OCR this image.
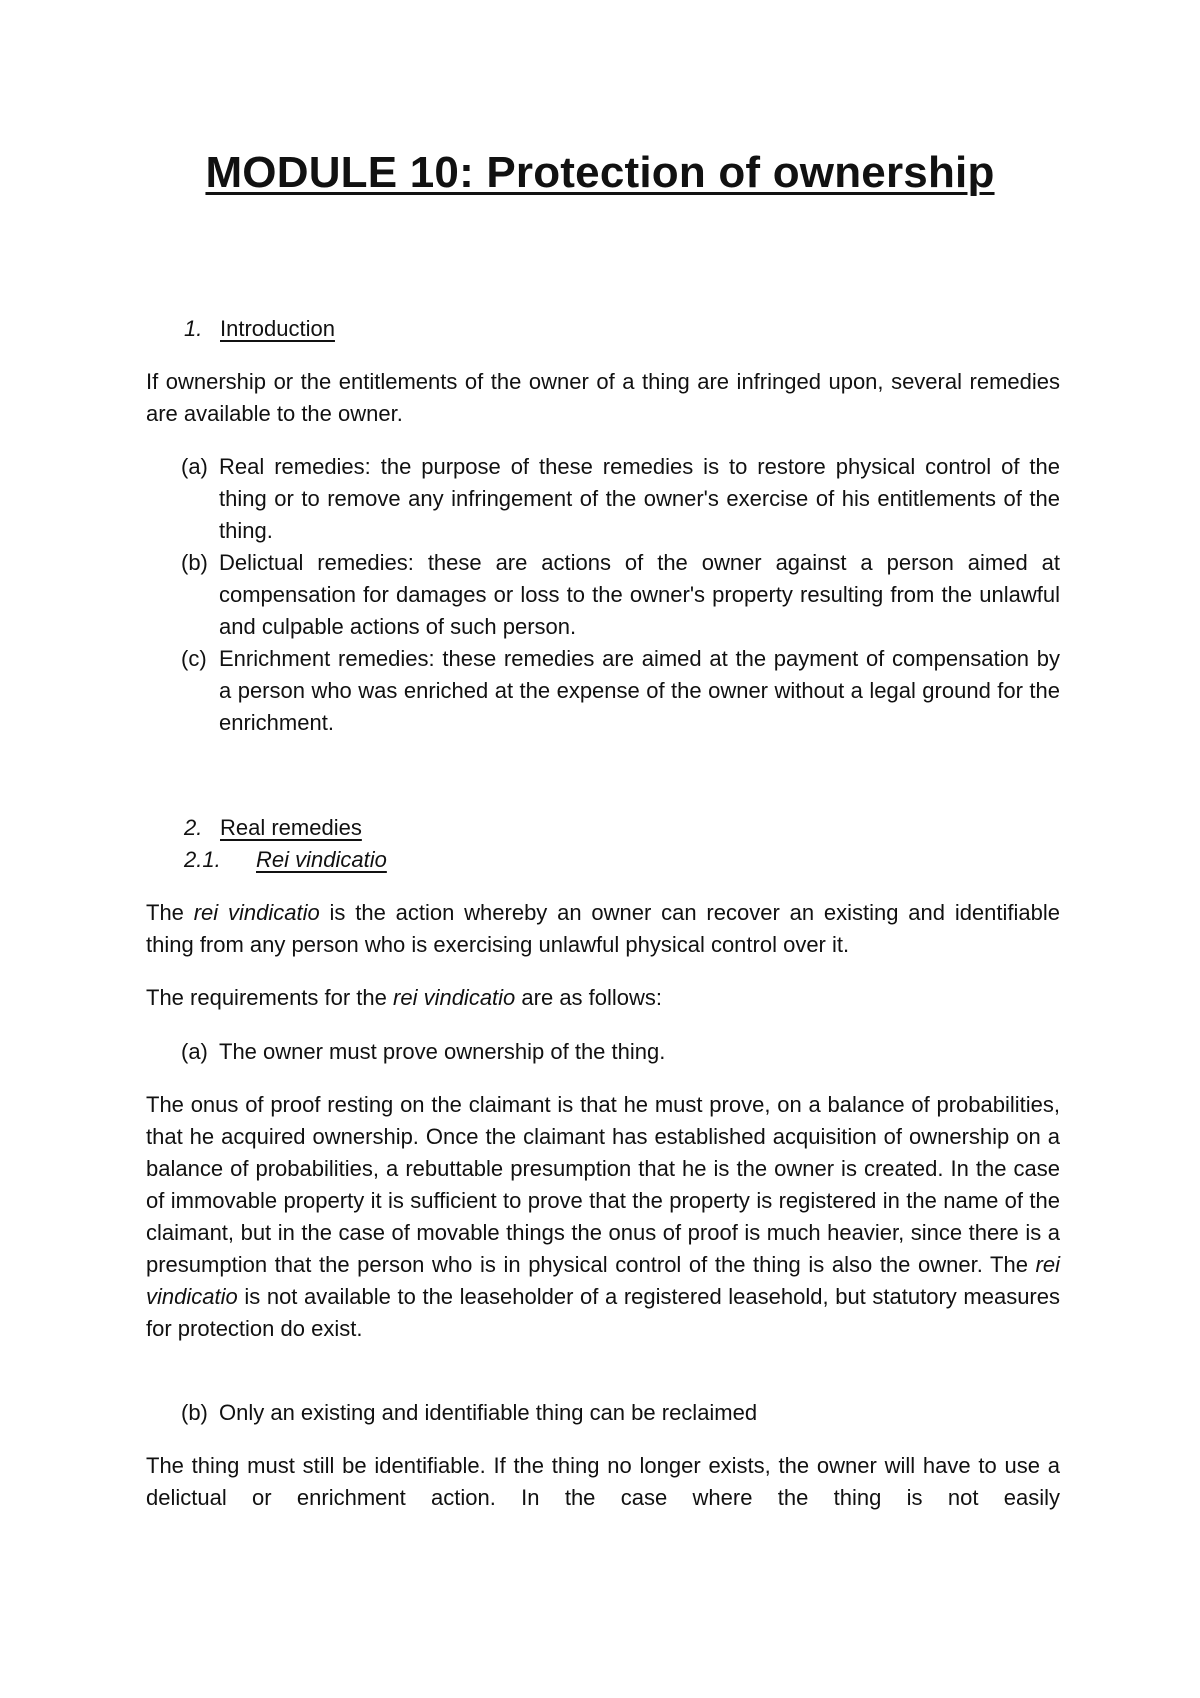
MODULE 10: Protection of ownership
1. Introduction

If ownership or the entitlements of the owner of a thing are infringed upon, several remedies are available to the owner.

(a) Real remedies: the purpose of these remedies is to restore physical control of the thing or to remove any infringement of the owner's exercise of his entitlements of the thing.
(b) Delictual remedies: these are actions of the owner against a person aimed at compensation for damages or loss to the owner's property resulting from the unlawful and culpable actions of such person.
(c) Enrichment remedies: these remedies are aimed at the payment of compensation by a person who was enriched at the expense of the owner without a legal ground for the enrichment.
2. Real remedies
2.1. Rei vindicatio

The rei vindicatio is the action whereby an owner can recover an existing and identifiable thing from any person who is exercising unlawful physical control over it.

The requirements for the rei vindicatio are as follows:

(a) The owner must prove ownership of the thing.

The onus of proof resting on the claimant is that he must prove, on a balance of probabilities, that he acquired ownership. Once the claimant has established acquisition of ownership on a balance of probabilities, a rebuttable presumption that he is the owner is created. In the case of immovable property it is sufficient to prove that the property is registered in the name of the claimant, but in the case of movable things the onus of proof is much heavier, since there is a presumption that the person who is in physical control of the thing is also the owner. The rei vindicatio is not available to the leaseholder of a registered leasehold, but statutory measures for protection do exist.

(b) Only an existing and identifiable thing can be reclaimed

The thing must still be identifiable. If the thing no longer exists, the owner will have to use a delictual or enrichment action. In the case where the thing is not easily
